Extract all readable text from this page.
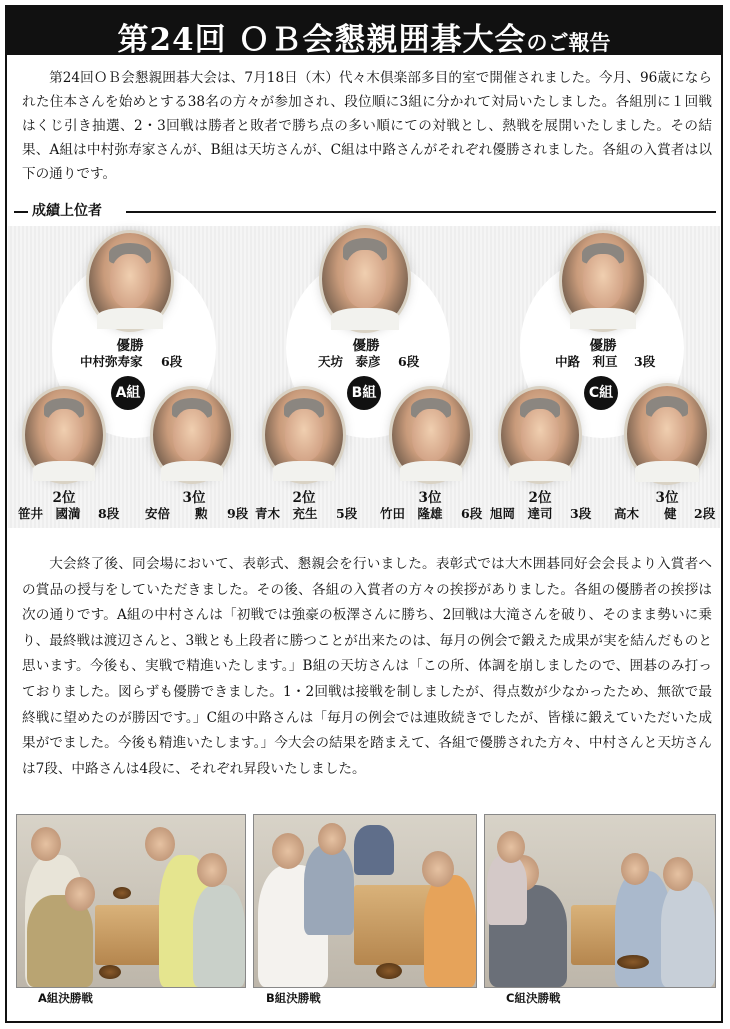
第24回 ＯＢ会懇親囲碁大会のご報告

第24回ＯＢ会懇親囲碁大会は、7月18日（木）代々木倶楽部多目的室で開催されました。今月、96歳になられた住本さんを始めとする38名の方々が参加され、段位順に3組に分かれて対局いたしました。各組別に１回戦はくじ引き抽選、2・3回戦は勝者と敗者で勝ち点の多い順にての対戦とし、熱戦を展開いたしました。その結果、A組は中村弥寿家さんが、B組は天坊さんが、C組は中路さんがそれぞれ優勝されました。各組の入賞者は以下の通りです。

成績上位者
優勝
中村弥寿家 6段
A組
2位
笹井　國満 8段
3位
安倍　　勲 9段
優勝
天坊　泰彦 6段
B組
2位
青木　充生 5段
3位
竹田　隆雄 6段
優勝
中路　利亘 3段
C組
2位
旭岡　達司 3段
3位
高木　　健 2段

大会終了後、同会場において、表彰式、懇親会を行いました。表彰式では大木囲碁同好会会長より入賞者への賞品の授与をしていただきました。その後、各組の入賞者の方々の挨拶がありました。各組の優勝者の挨拶は次の通りです。A組の中村さんは「初戦では強豪の板澤さんに勝ち、2回戦は大滝さんを破り、そのまま勢いに乗り、最終戦は渡辺さんと、3戦とも上段者に勝つことが出来たのは、毎月の例会で鍛えた成果が実を結んだものと思います。今後も、実戦で精進いたします。」B組の天坊さんは「この所、体調を崩しましたので、囲碁のみ打っておりました。図らずも優勝できました。1・2回戦は接戦を制しましたが、得点数が少なかったため、無欲で最終戦に望めたのが勝因です。」C組の中路さんは「毎月の例会では連敗続きでしたが、皆様に鍛えていただいた成果がでました。今後も精進いたします。」今大会の結果を踏まえて、各組で優勝された方々、中村さんと天坊さんは7段、中路さんは4段に、それぞれ昇段いたしました。

A組決勝戦	B組決勝戦	C組決勝戦
